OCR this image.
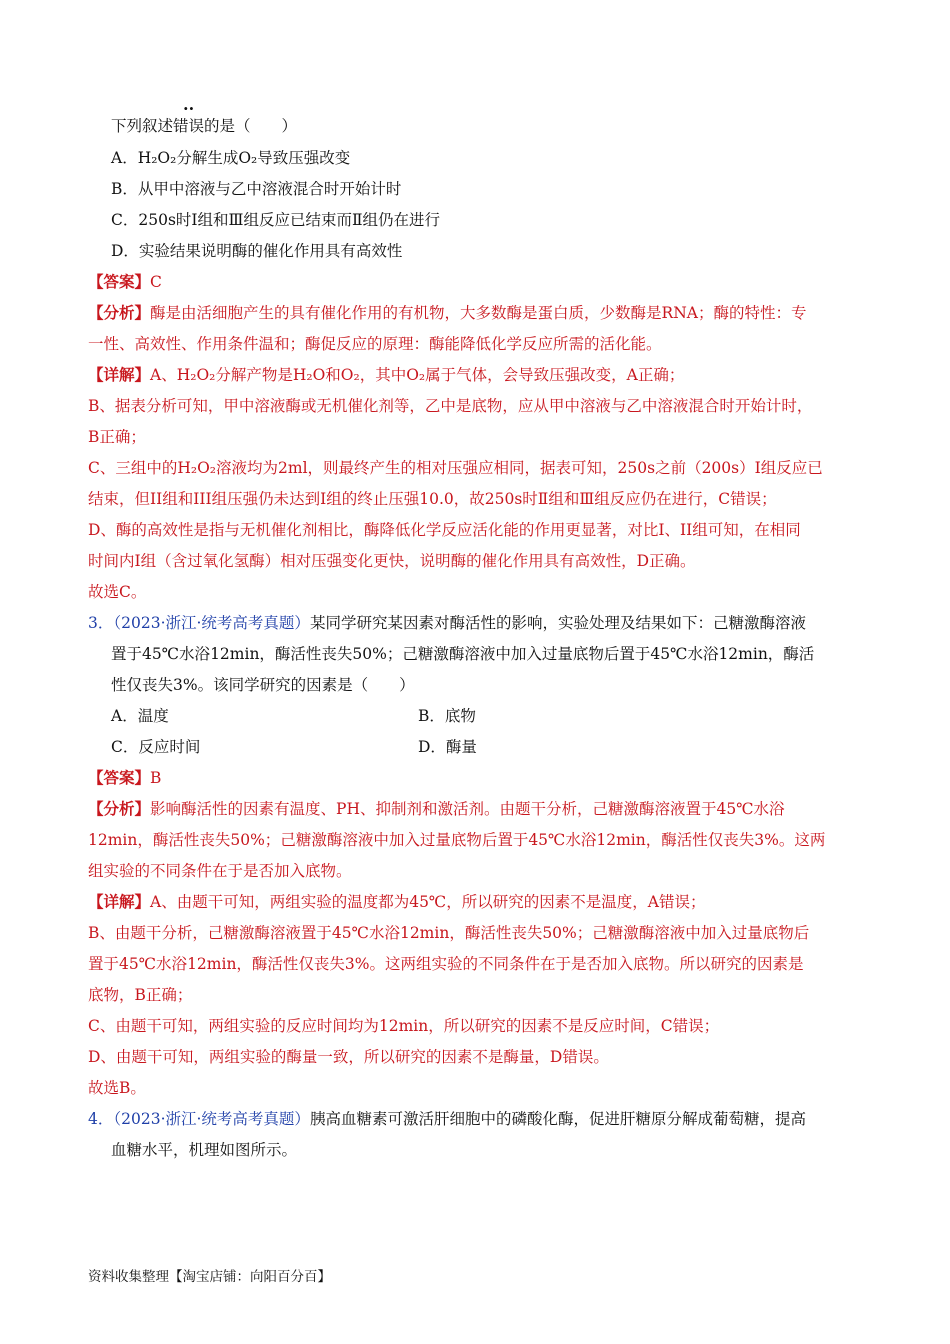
··
下列叙述错误的是（　　）
A．H₂O₂分解生成O₂导致压强改变
B．从甲中溶液与乙中溶液混合时开始计时
C．250s时Ⅰ组和Ⅲ组反应已结束而Ⅱ组仍在进行
D．实验结果说明酶的催化作用具有高效性
【答案】C
【分析】酶是由活细胞产生的具有催化作用的有机物，大多数酶是蛋白质，少数酶是RNA；酶的特性：专
一性、高效性、作用条件温和；酶促反应的原理：酶能降低化学反应所需的活化能。
【详解】A、H₂O₂分解产物是H₂O和O₂，其中O₂属于气体，会导致压强改变，A正确；
B、据表分析可知，甲中溶液酶或无机催化剂等，乙中是底物，应从甲中溶液与乙中溶液混合时开始计时，
B正确；
C、三组中的H₂O₂溶液均为2ml，则最终产生的相对压强应相同，据表可知，250s之前（200s）I组反应已
结束，但II组和III组压强仍未达到I组的终止压强10.0，故250s时Ⅱ组和Ⅲ组反应仍在进行，C错误；
D、酶的高效性是指与无机催化剂相比，酶降低化学反应活化能的作用更显著，对比I、II组可知，在相同
时间内I组（含过氧化氢酶）相对压强变化更快，说明酶的催化作用具有高效性，D正确。
故选C。
3．（2023·浙江·统考高考真题）某同学研究某因素对酶活性的影响，实验处理及结果如下：己糖激酶溶液
置于45℃水浴12min，酶活性丧失50%；己糖激酶溶液中加入过量底物后置于45℃水浴12min，酶活
性仅丧失3%。该同学研究的因素是（　　）
A．温度	B．底物
C．反应时间	D．酶量
【答案】B
【分析】影响酶活性的因素有温度、PH、抑制剂和激活剂。由题干分析，己糖激酶溶液置于45℃水浴
12min，酶活性丧失50%；己糖激酶溶液中加入过量底物后置于45℃水浴12min，酶活性仅丧失3%。这两
组实验的不同条件在于是否加入底物。
【详解】A、由题干可知，两组实验的温度都为45℃，所以研究的因素不是温度，A错误；
B、由题干分析，己糖激酶溶液置于45℃水浴12min，酶活性丧失50%；己糖激酶溶液中加入过量底物后
置于45℃水浴12min，酶活性仅丧失3%。这两组实验的不同条件在于是否加入底物。所以研究的因素是
底物，B正确；
C、由题干可知，两组实验的反应时间均为12min，所以研究的因素不是反应时间，C错误；
D、由题干可知，两组实验的酶量一致，所以研究的因素不是酶量，D错误。
故选B。
4．（2023·浙江·统考高考真题）胰高血糖素可激活肝细胞中的磷酸化酶，促进肝糖原分解成葡萄糖，提高
血糖水平，机理如图所示。
资料收集整理【淘宝店铺：向阳百分百】
